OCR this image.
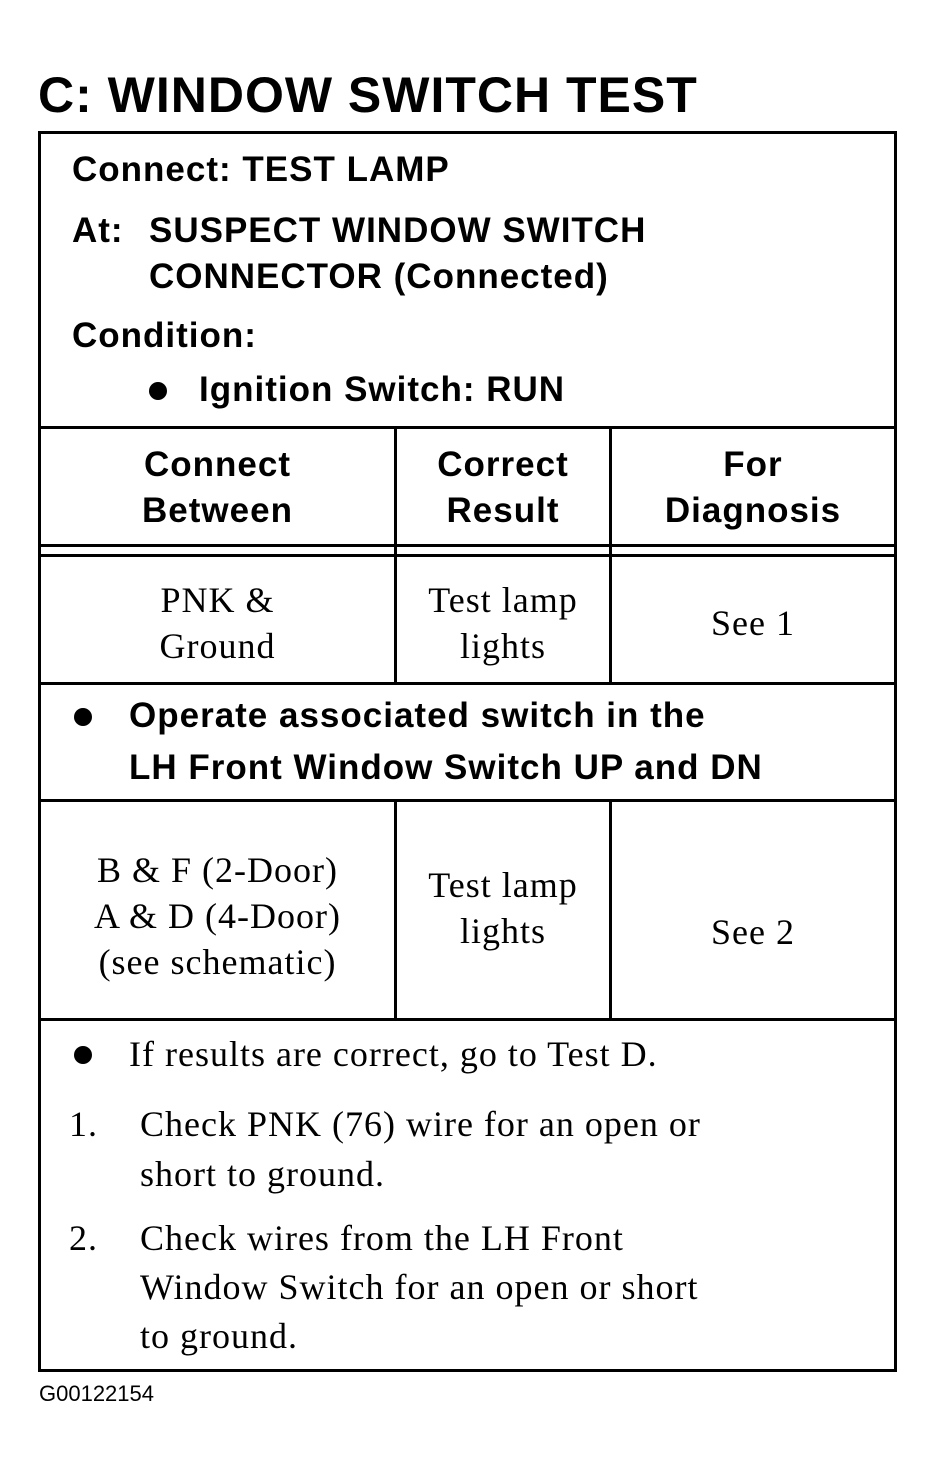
C: WINDOW SWITCH TEST
Connect: TEST LAMP
At: SUSPECT WINDOW SWITCH
CONNECTOR (Connected)
Condition:
Ignition Switch: RUN
Connect
Between
Correct
Result
For
Diagnosis
PNK &
Ground
Test lamp
lights
See 1
Operate associated switch in the
LH Front Window Switch UP and DN
B & F (2-Door)
A & D (4-Door)
(see schematic)
Test lamp
lights	See 2
If results are correct, go to Test D.
1. Check PNK (76) wire for an open or
short to ground.
2. Check wires from the LH Front
Window Switch for an open or short
to ground.
G00122154
